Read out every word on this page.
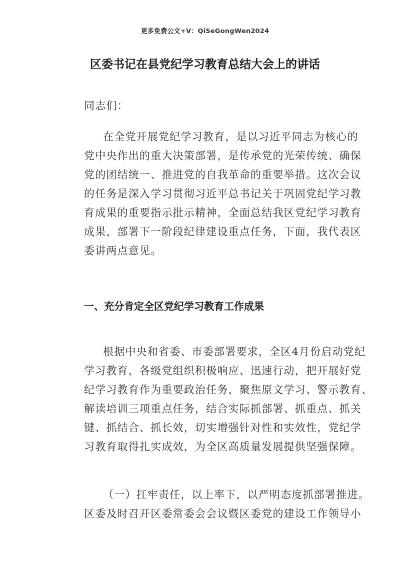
更多免费公文+V：QiSeGongWen2024
区委书记在县党纪学习教育总结大会上的讲话
同志们：
在全党开展党纪学习教育，是以习近平同志为核心的
党中央作出的重大决策部署，是传承党的光荣传统、确保
党的团结统一、推进党的自我革命的重要举措。这次会议
的任务是深入学习贯彻习近平总书记关于巩固党纪学习教
育成果的重要指示批示精神，全面总结我区党纪学习教育
成果，部署下一阶段纪律建设重点任务，下面，我代表区
委讲两点意见。
一、充分肯定全区党纪学习教育工作成果
根据中央和省委、市委部署要求，全区4月份启动党纪
学习教育，各级党组织积极响应、迅速行动，把开展好党
纪学习教育作为重要政治任务，聚焦原文学习、警示教育、
解读培训三项重点任务，结合实际抓部署、抓重点、抓关
键、抓结合、抓长效，切实增强针对性和实效性，党纪学
习教育取得扎实成效，为全区高质量发展提供坚强保障。
（一）扛牢责任，以上率下，以严明态度抓部署推进。
区委及时召开区委常委会会议暨区委党的建设工作领导小
